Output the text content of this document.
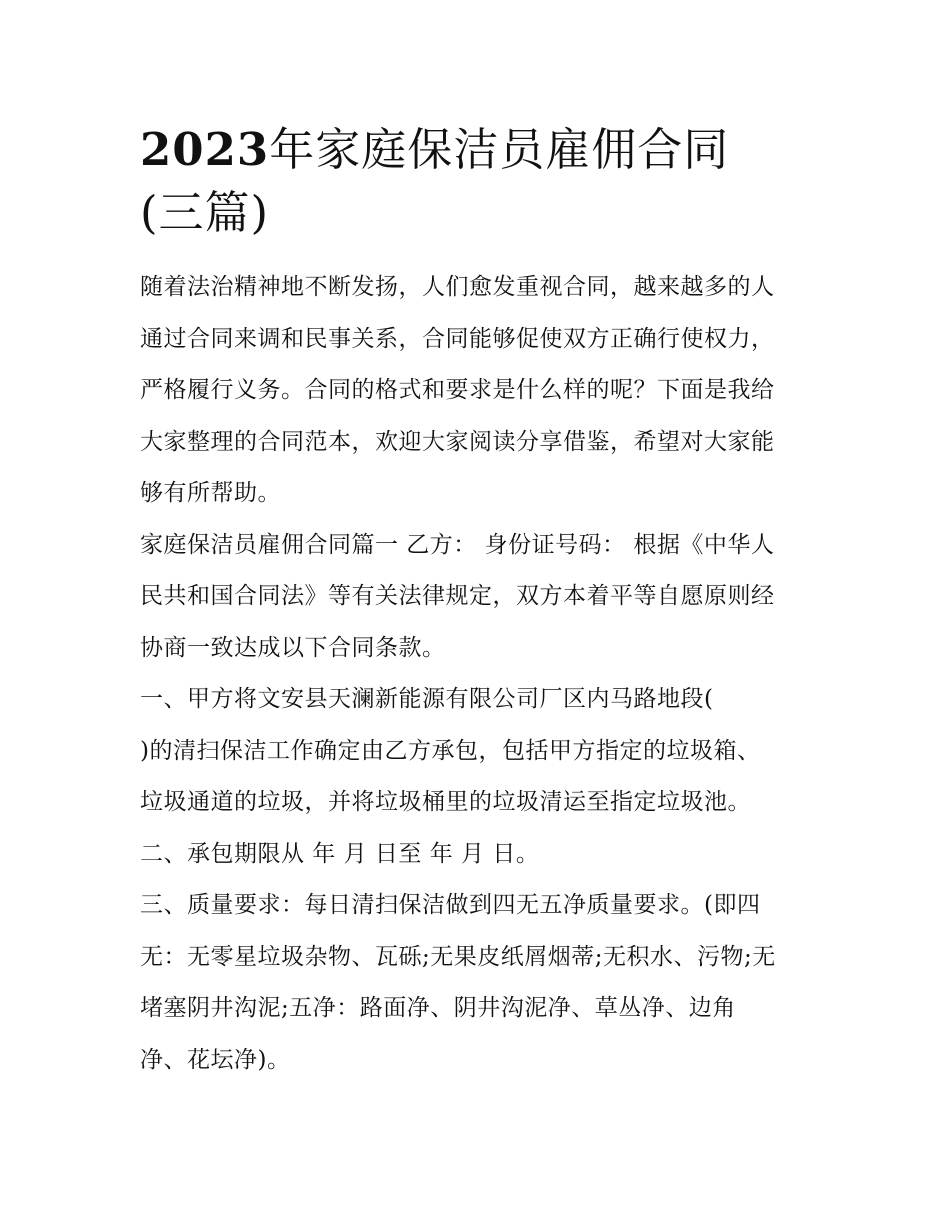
2023年家庭保洁员雇佣合同
(三篇)
随着法治精神地不断发扬，人们愈发重视合同，越来越多的人
通过合同来调和民事关系，合同能够促使双方正确行使权力，
严格履行义务。合同的格式和要求是什么样的呢？下面是我给
大家整理的合同范本，欢迎大家阅读分享借鉴，希望对大家能
够有所帮助。
家庭保洁员雇佣合同篇一 乙方： 身份证号码： 根据《中华人
民共和国合同法》等有关法律规定，双方本着平等自愿原则经
协商一致达成以下合同条款。
一、甲方将文安县天澜新能源有限公司厂区内马路地段(
)的清扫保洁工作确定由乙方承包，包括甲方指定的垃圾箱、
垃圾通道的垃圾，并将垃圾桶里的垃圾清运至指定垃圾池。
二、承包期限从 年 月 日至 年 月 日。
三、质量要求：每日清扫保洁做到四无五净质量要求。(即四
无：无零星垃圾杂物、瓦砾;无果皮纸屑烟蒂;无积水、污物;无
堵塞阴井沟泥;五净：路面净、阴井沟泥净、草丛净、边角
净、花坛净)。
